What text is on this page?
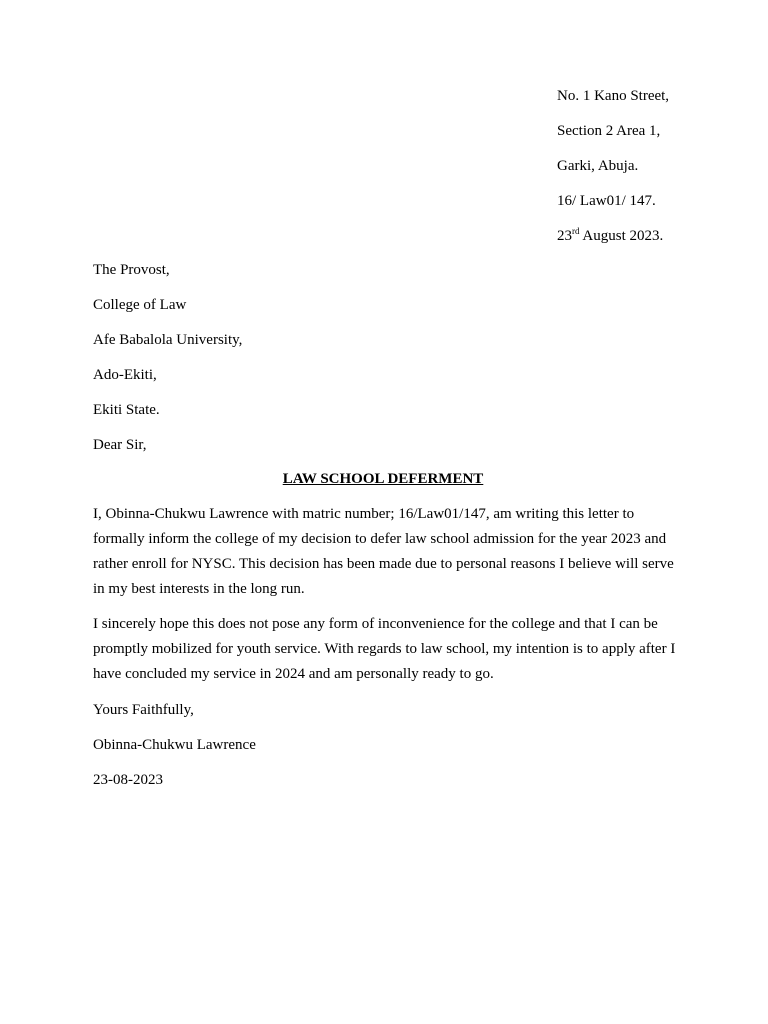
No. 1 Kano Street,

Section 2 Area 1,

Garki, Abuja.

16/ Law01/ 147.

23rd August 2023.

The Provost,

College of Law

Afe Babalola University,

Ado-Ekiti,

Ekiti State.

Dear Sir,

LAW SCHOOL DEFERMENT

I, Obinna-Chukwu Lawrence with matric number; 16/Law01/147, am writing this letter to formally inform the college of my decision to defer law school admission for the year 2023 and rather enroll for NYSC. This decision has been made due to personal reasons I believe will serve in my best interests in the long run.

I sincerely hope this does not pose any form of inconvenience for the college and that I can be promptly mobilized for youth service. With regards to law school, my intention is to apply after I have concluded my service in 2024 and am personally ready to go.

Yours Faithfully,

Obinna-Chukwu Lawrence

23-08-2023
